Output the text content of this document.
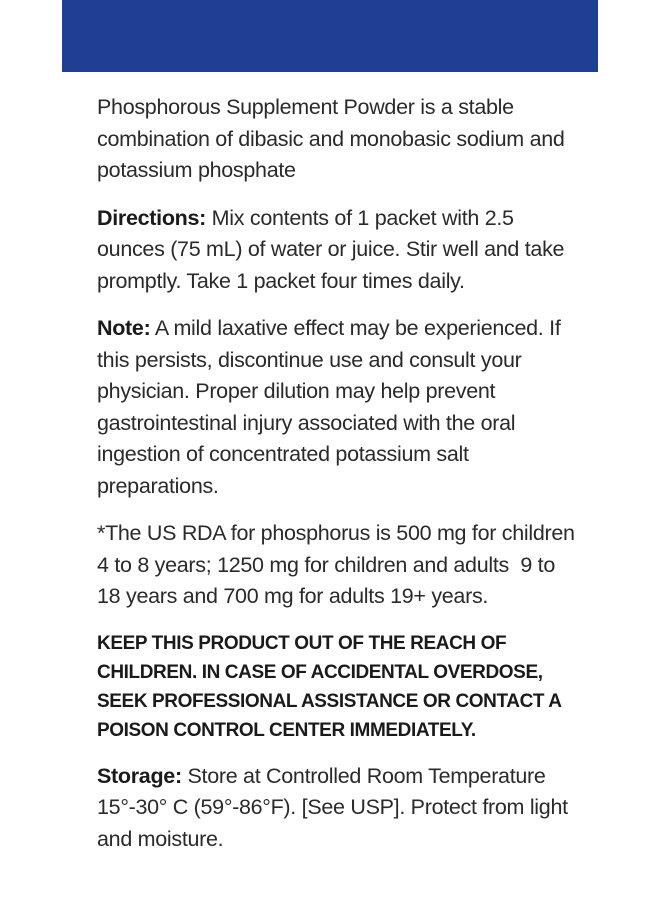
Phosphorous Supplement Powder is a stable combination of dibasic and monobasic sodium and potassium phosphate

Directions: Mix contents of 1 packet with 2.5 ounces (75 mL) of water or juice. Stir well and take promptly. Take 1 packet four times daily.

Note: A mild laxative effect may be experienced. If this persists, discontinue use and consult your physician. Proper dilution may help prevent gastrointestinal injury associated with the oral ingestion of concentrated potassium salt preparations.

*The US RDA for phosphorus is 500 mg for children 4 to 8 years; 1250 mg for children and adults  9 to 18 years and 700 mg for adults 19+ years.

KEEP THIS PRODUCT OUT OF THE REACH OF CHILDREN. IN CASE OF ACCIDENTAL OVERDOSE, SEEK PROFESSIONAL ASSISTANCE OR CONTACT A POISON CONTROL CENTER IMMEDIATELY.

Storage: Store at Controlled Room Temperature 15°-30° C (59°-86°F). [See USP]. Protect from light and moisture.
